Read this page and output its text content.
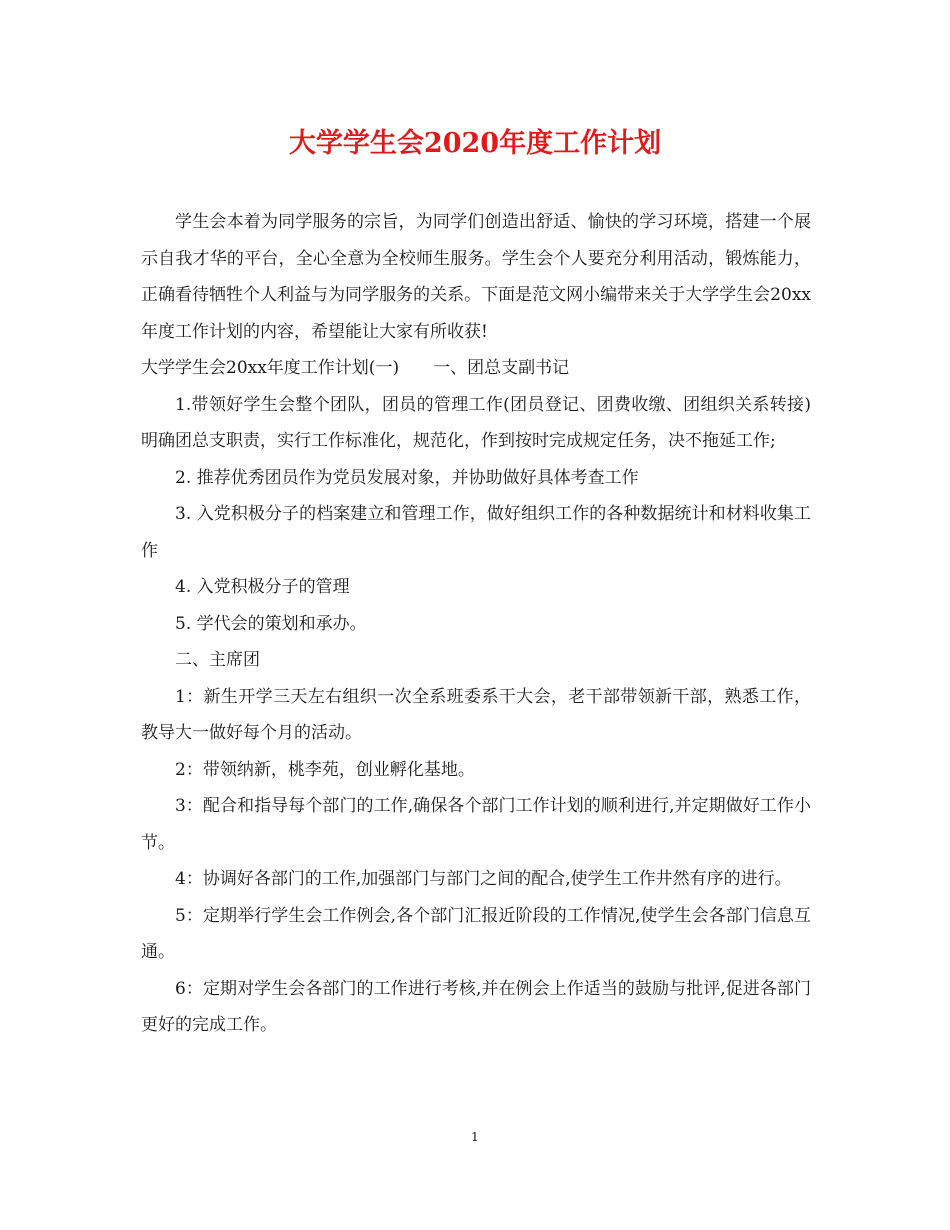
大学学生会2020年度工作计划

学生会本着为同学服务的宗旨，为同学们创造出舒适、愉快的学习环境，搭建一个展示自我才华的平台，全心全意为全校师生服务。学生会个人要充分利用活动，锻炼能力，正确看待牺牲个人利益与为同学服务的关系。下面是范文网小编带来关于大学学生会20xx年度工作计划的内容，希望能让大家有所收获!

大学学生会20xx年度工作计划(一)　　一、团总支副书记

1.带领好学生会整个团队，团员的管理工作(团员登记、团费收缴、团组织关系转接)明确团总支职责，实行工作标准化，规范化，作到按时完成规定任务，决不拖延工作;

2. 推荐优秀团员作为党员发展对象，并协助做好具体考查工作

3. 入党积极分子的档案建立和管理工作，做好组织工作的各种数据统计和材料收集工作

4. 入党积极分子的管理

5. 学代会的策划和承办。

二、主席团

1：新生开学三天左右组织一次全系班委系干大会，老干部带领新干部，熟悉工作，教导大一做好每个月的活动。

2：带领纳新，桃李苑，创业孵化基地。

3：配合和指导每个部门的工作,确保各个部门工作计划的顺利进行,并定期做好工作小节。

4：协调好各部门的工作,加强部门与部门之间的配合,使学生工作井然有序的进行。

5：定期举行学生会工作例会,各个部门汇报近阶段的工作情况,使学生会各部门信息互通。

6：定期对学生会各部门的工作进行考核,并在例会上作适当的鼓励与批评,促进各部门更好的完成工作。

1
